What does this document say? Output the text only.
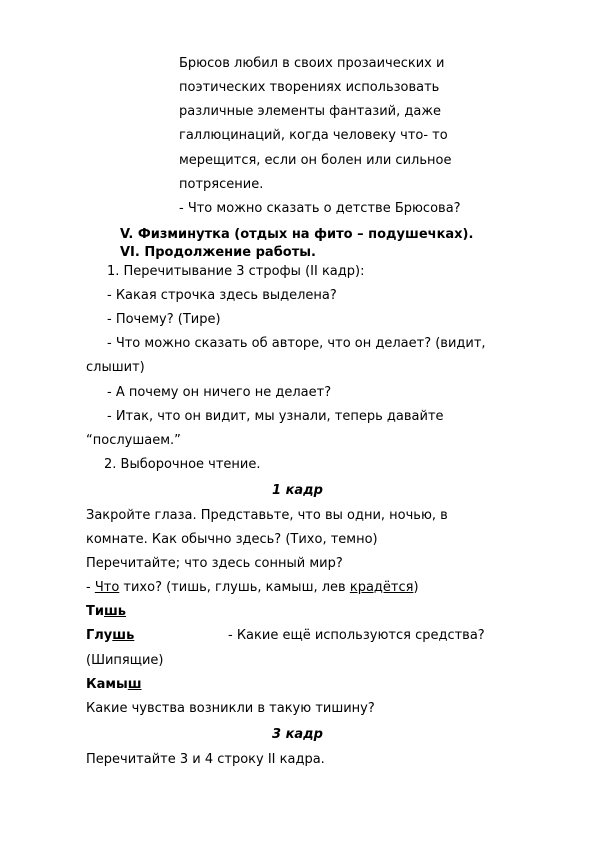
Брюсов любил в своих прозаических и
поэтических творениях использовать
различные элементы фантазий, даже
галлюцинаций, когда человеку что- то
мерещится, если он болен или сильное
потрясение.
- Что можно сказать о детстве Брюсова?
V. Физминутка (отдых на фито – подушечках).
VI. Продолжение работы.
1. Перечитывание 3 строфы (II кадр):
- Какая строчка здесь выделена?
- Почему? (Тире)
- Что можно сказать об авторе, что он делает? (видит,
слышит)
- А почему он ничего не делает?
- Итак, что он видит, мы узнали, теперь давайте
“послушаем.”
2. Выборочное чтение.
1 кадр
Закройте глаза. Представьте, что вы одни, ночью, в
комнате. Как обычно здесь? (Тихо, темно)
Перечитайте; что здесь сонный мир?
- Что тихо? (тишь, глушь, камыш, лев крадётся)
Тишь
Глушь	- Какие ещё используются средства?
(Шипящие)
Камыш
Какие чувства возникли в такую тишину?
3 кадр
Перечитайте 3 и 4 строку II кадра.
